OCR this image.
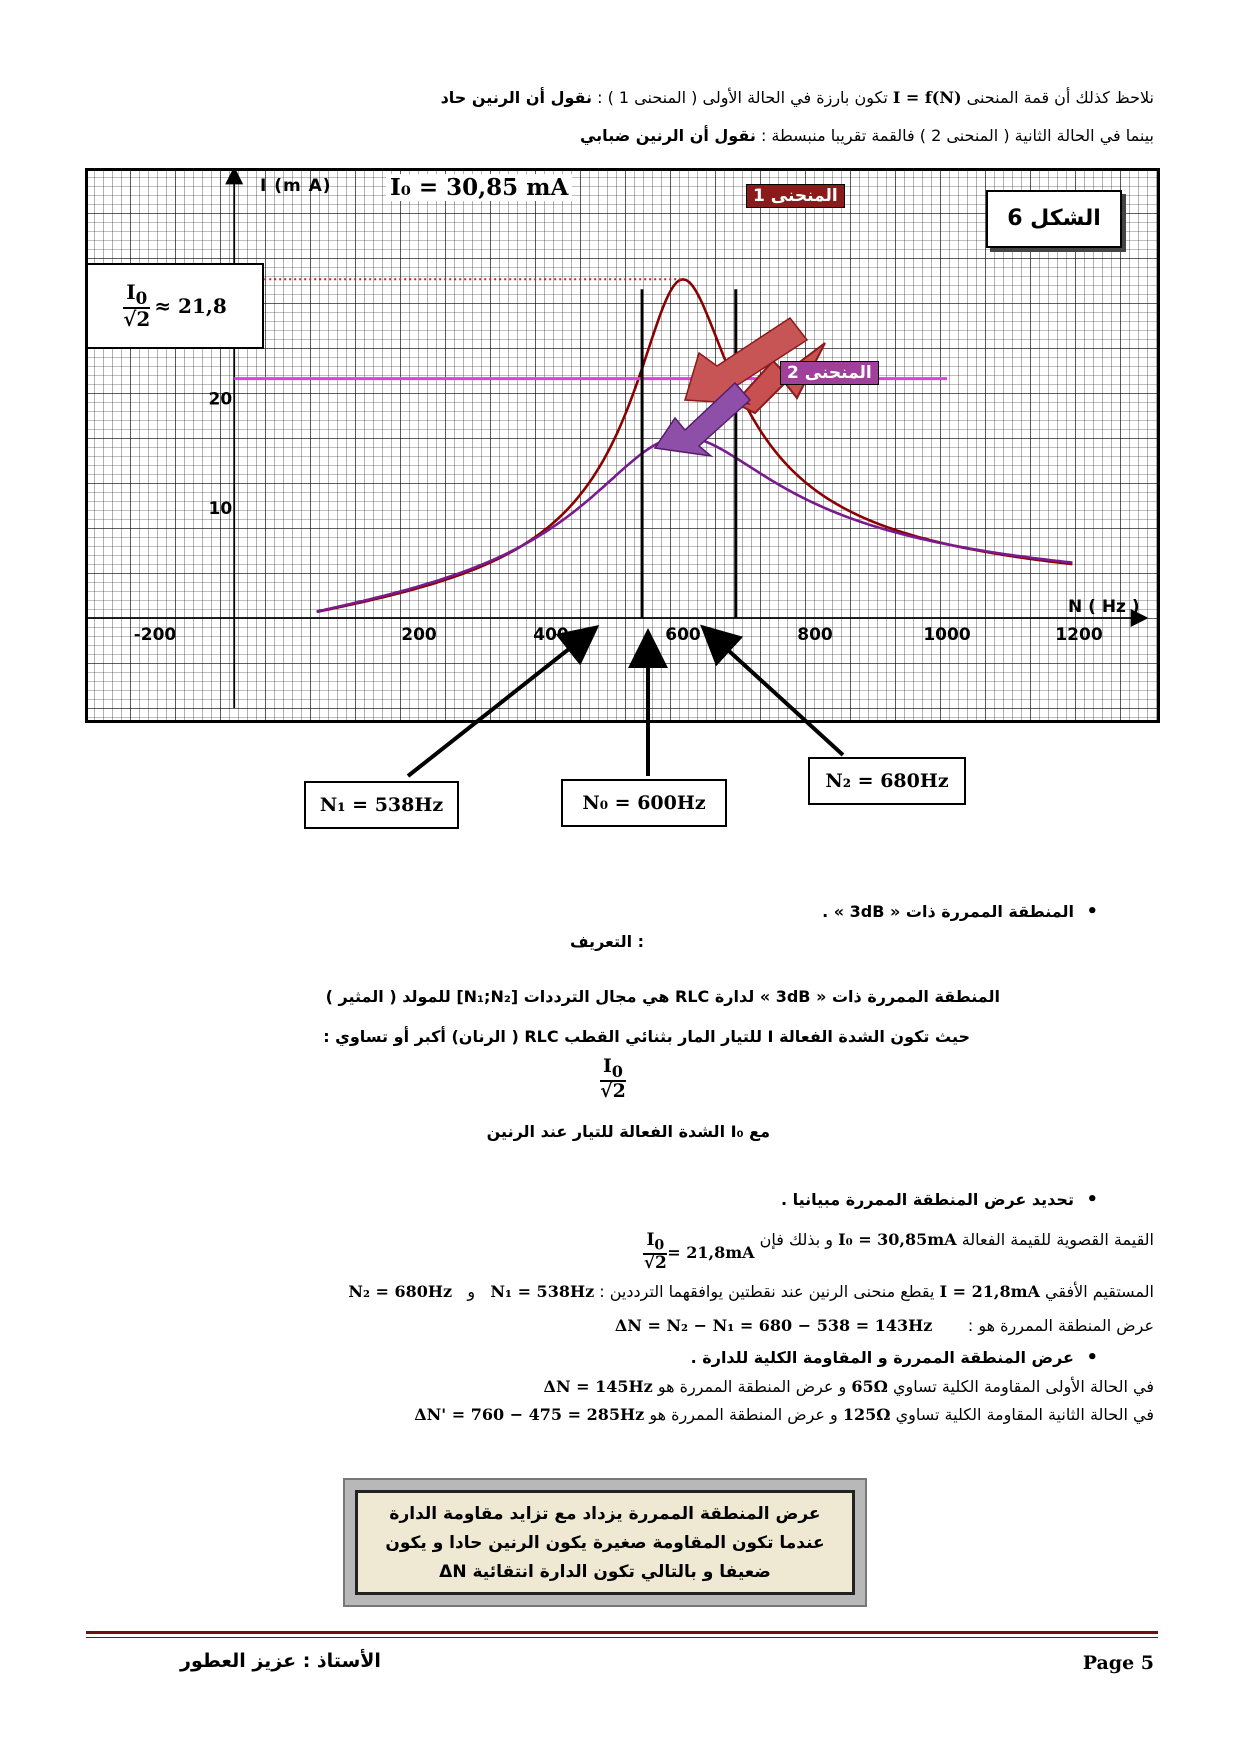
نلاحظ كذلك أن قمة المنحنى I = f(N) تكون بارزة في الحالة الأولى ( المنحنى 1 ) : نقول أن الرنين حاد
بينما في الحالة الثانية ( المنحنى 2 ) فالقمة تقريبا منبسطة : نقول أن الرنين ضبابي
-200	200	400	600	800	1000	1200
10
20
I (m A)	I₀ = 30,85 mA
N ( Hz )
الشكل 6
$\frac{I_0}{√2} \approx 21,8$
المنحنى 1
المنحنى 2
N₁ = 538Hz	N₀ = 600Hz
N₂ = 680Hz
•  المنطقة الممررة ذات « 3dB » .
التعريف :
المنطقة الممررة ذات « 3dB » لدارة RLC هي مجال الترددات [N₁;N₂] للمولد ( المثير )
حيث تكون الشدة الفعالة I للتيار المار بثنائي القطب RLC ( الرنان) أكبر أو تساوي :
$\frac{I_0}{√2}$
مع I₀ الشدة الفعالة للتيار عند الرنين
•  تحديد عرض المنطقة الممررة مبيانيا .
القيمة القصوية للقيمة الفعالة I₀ = 30,85mA و بذلك فإن
$\frac{I_0}{√2} = 21,8mA$
المستقيم الأفقي I = 21,8mA يقطع منحنى الرنين عند نقطتين يوافقهما الترددين : N₁ = 538Hz   و   N₂ = 680Hz
عرض المنطقة الممررة هو :       ΔN = N₂ − N₁ = 680 − 538 = 143Hz
•  عرض المنطقة الممررة و المقاومة الكلية للدارة .
في الحالة الأولى المقاومة الكلية تساوي 65Ω و عرض المنطقة الممررة هو ΔN = 145Hz
في الحالة الثانية المقاومة الكلية تساوي 125Ω و عرض المنطقة الممررة هو ΔN' = 760 − 475 = 285Hz
عرض المنطقة الممررة يزداد مع تزايد مقاومة الدارة
عندما تكون المقاومة صغيرة يكون الرنين حادا و يكون
ΔN ضعيفا و بالتالي تكون الدارة انتقائية
الأستاذ : عزيز العطور	Page 5
